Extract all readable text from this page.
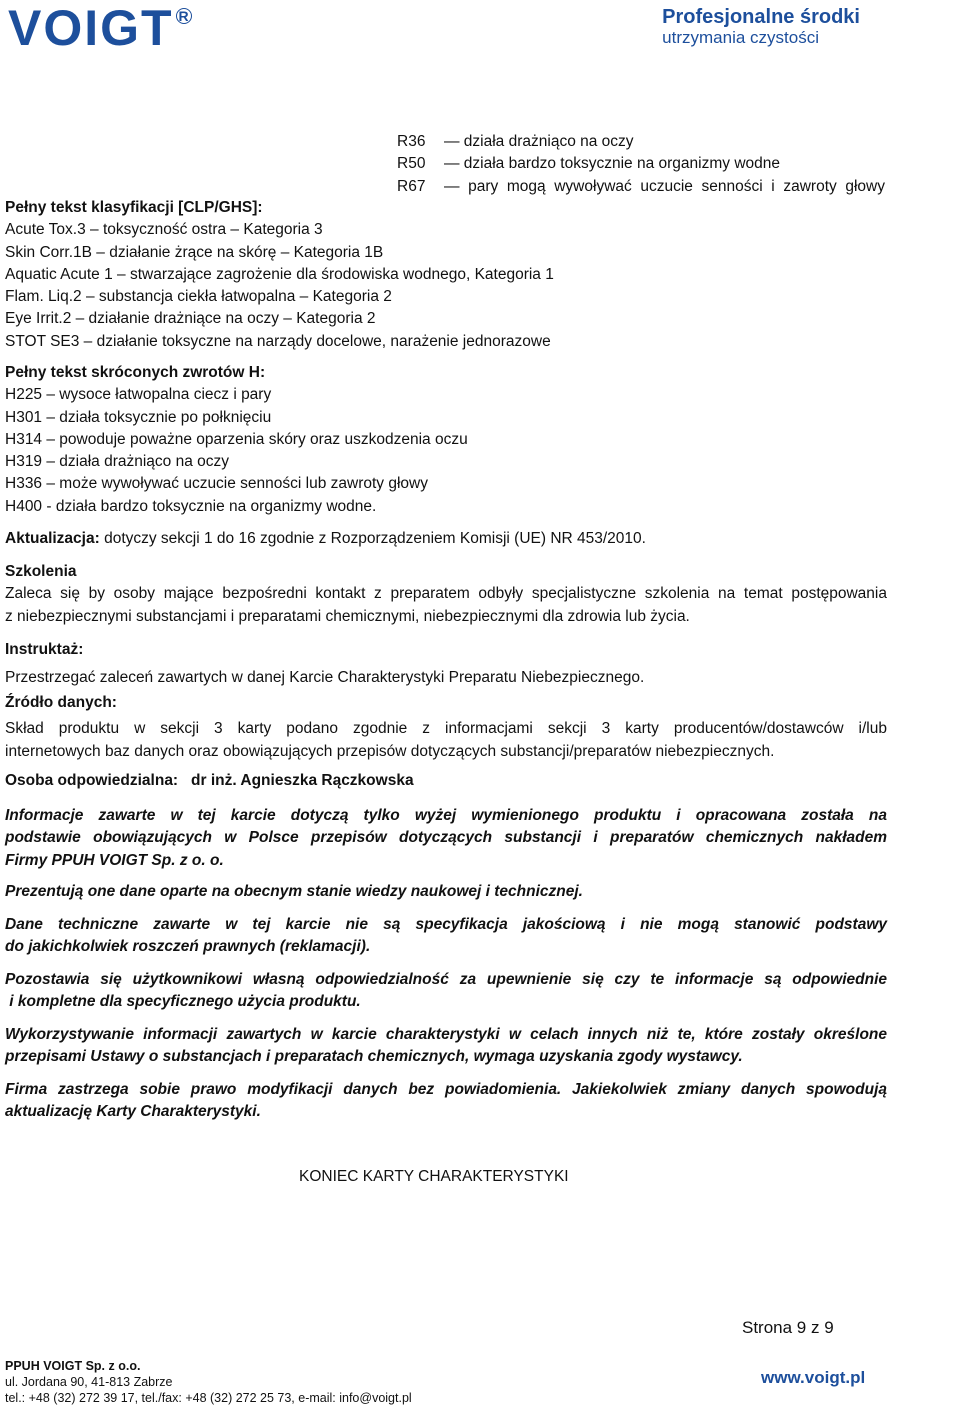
VOIGT R	Profesjonalne środki
utrzymania czystości
R36	— działa drażniąco na oczy
R50	— działa bardzo toksycznie na organizmy wodne
R67	— pary mogą wywoływać uczucie senności i zawroty głowy
Pełny tekst klasyfikacji [CLP/GHS]:
Acute Tox.3 – toksyczność ostra – Kategoria 3
Skin Corr.1B – działanie żrące na skórę – Kategoria 1B
Aquatic Acute 1 – stwarzające zagrożenie dla środowiska wodnego, Kategoria 1
Flam. Liq.2 – substancja ciekła łatwopalna – Kategoria 2
Eye Irrit.2 – działanie drażniące na oczy – Kategoria 2
STOT SE3 – działanie toksyczne na narządy docelowe, narażenie jednorazowe
Pełny tekst skróconych zwrotów H:
H225 – wysoce łatwopalna ciecz i pary
H301 – działa toksycznie po połknięciu
H314 – powoduje poważne oparzenia skóry oraz uszkodzenia oczu
H319 – działa drażniąco na oczy
H336 – może wywoływać uczucie senności lub zawroty głowy
H400 - działa bardzo toksycznie na organizmy wodne.
Aktualizacja: dotyczy sekcji 1 do 16 zgodnie z Rozporządzeniem Komisji (UE) NR 453/2010.
Szkolenia
Zaleca się by osoby mające bezpośredni kontakt z preparatem odbyły specjalistyczne szkolenia na temat postępowania
z niebezpiecznymi substancjami i preparatami chemicznymi, niebezpiecznymi dla zdrowia lub życia.
Instruktaż:
Przestrzegać zaleceń zawartych w danej Karcie Charakterystyki Preparatu Niebezpiecznego.
Źródło danych:
Skład produktu w sekcji 3 karty podano zgodnie z informacjami sekcji 3 karty producentów/dostawców i/lub
internetowych baz danych oraz obowiązujących przepisów dotyczących substancji/preparatów niebezpiecznych.
Osoba odpowiedzialna: dr inż. Agnieszka Rączkowska
Informacje zawarte w tej karcie dotyczą tylko wyżej wymienionego produktu i opracowana została na
podstawie obowiązujących w Polsce przepisów dotyczących substancji i preparatów chemicznych nakładem
Firmy PPUH VOIGT Sp. z o. o.
Prezentują one dane oparte na obecnym stanie wiedzy naukowej i technicznej.
Dane techniczne zawarte w tej karcie nie są specyfikacja jakościową i nie mogą stanowić podstawy
do jakichkolwiek roszczeń prawnych (reklamacji).
Pozostawia się użytkownikowi własną odpowiedzialność za upewnienie się czy te informacje są odpowiednie
i kompletne dla specyficznego użycia produktu.
Wykorzystywanie informacji zawartych w karcie charakterystyki w celach innych niż te, które zostały określone
przepisami Ustawy o substancjach i preparatach chemicznych, wymaga uzyskania zgody wystawcy.
Firma zastrzega sobie prawo modyfikacji danych bez powiadomienia. Jakiekolwiek zmiany danych spowodują
aktualizację Karty Charakterystyki.
KONIEC KARTY CHARAKTERYSTYKI
Strona 9 z 9
PPUH VOIGT Sp. z o.o.
ul. Jordana 90, 41-813 Zabrze
tel.: +48 (32) 272 39 17, tel./fax: +48 (32) 272 25 73, e-mail: info@voigt.pl
www.voigt.pl
